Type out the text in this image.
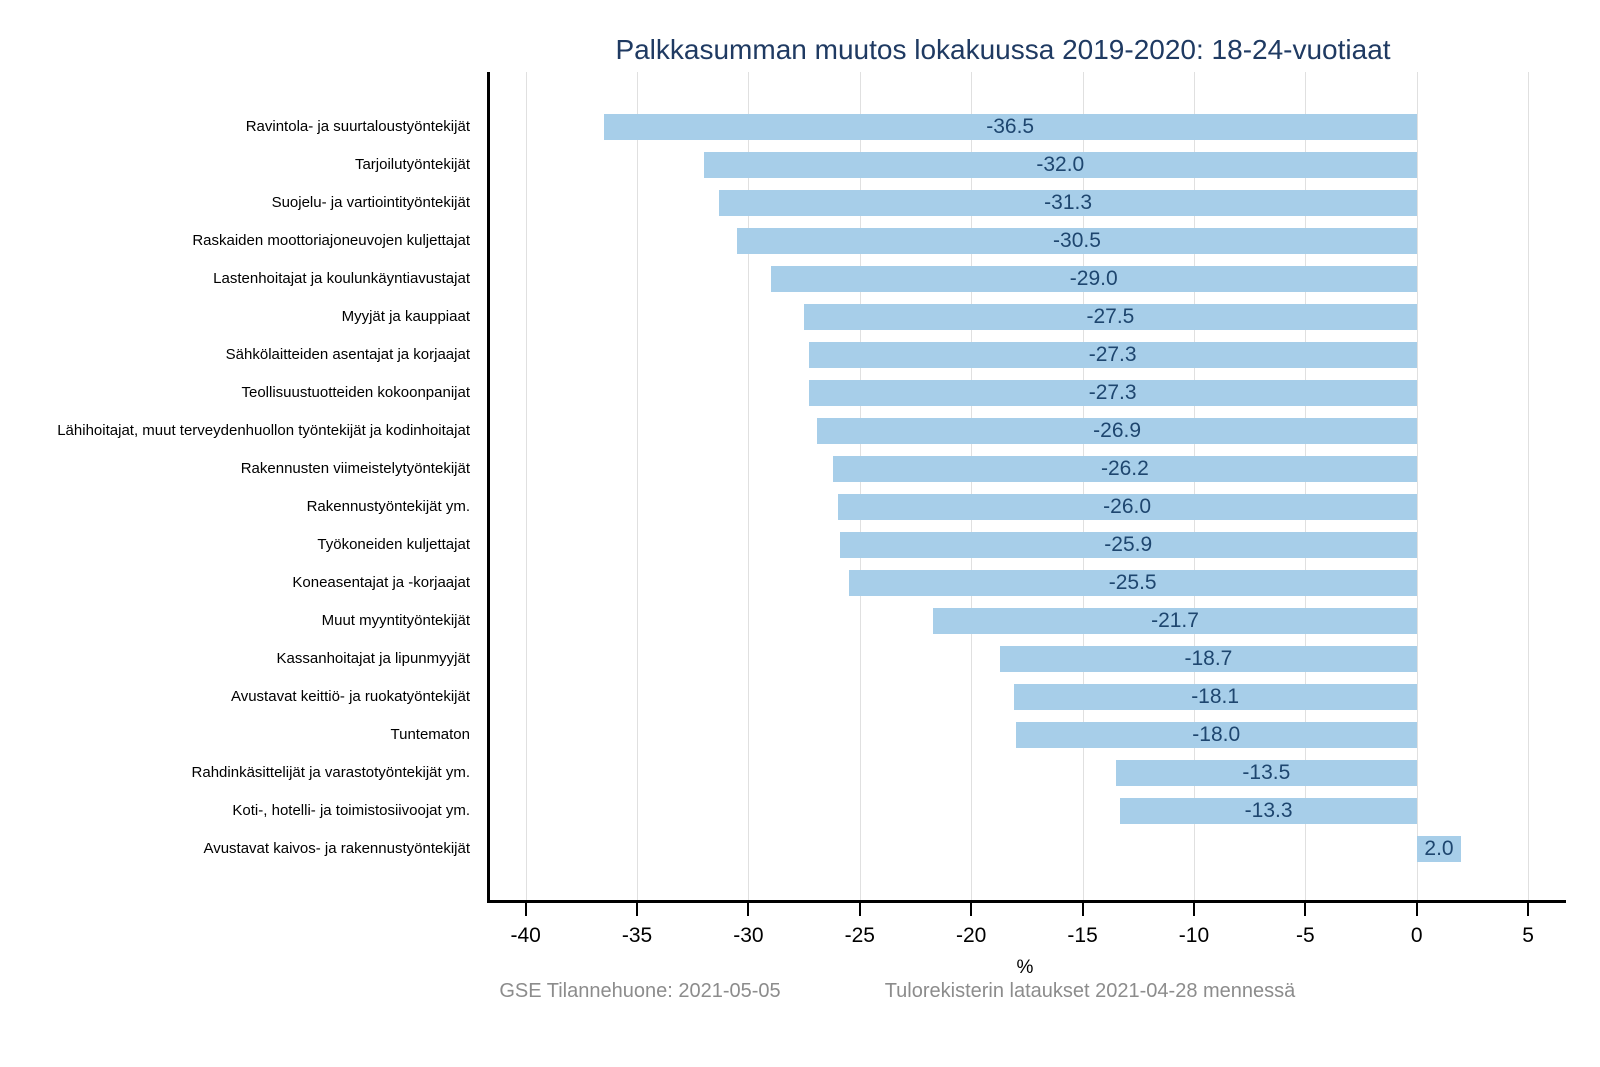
Palkkasumman muutos lokakuussa 2019-2020: 18-24-vuotiaat
-40	-35	-30	-25	-20	-15	-10	-5	0	5
-36.5
-32.0
-31.3
-30.5
-29.0
-27.5
-27.3
-27.3
-26.9
-26.2
-26.0
-25.9
-25.5
-21.7
-18.7
-18.1
-18.0
-13.5
-13.3
2.0
Ravintola- ja suurtaloustyöntekijät
Tarjoilutyöntekijät
Suojelu- ja vartiointityöntekijät
Raskaiden moottoriajoneuvojen kuljettajat
Lastenhoitajat ja koulunkäyntiavustajat
Myyjät ja kauppiaat
Sähkölaitteiden asentajat ja korjaajat
Teollisuustuotteiden kokoonpanijat
Lähihoitajat, muut terveydenhuollon työntekijät ja kodinhoitajat
Rakennusten viimeistelytyöntekijät
Rakennustyöntekijät ym.
Työkoneiden kuljettajat
Koneasentajat ja -korjaajat
Muut myyntityöntekijät
Kassanhoitajat ja lipunmyyjät
Avustavat keittiö- ja ruokatyöntekijät
Tuntematon
Rahdinkäsittelijät ja varastotyöntekijät ym.
Koti-, hotelli- ja toimistosiivoojat ym.
Avustavat kaivos- ja rakennustyöntekijät
%
GSE Tilannehuone: 2021-05-05	Tulorekisterin lataukset 2021-04-28 mennessä
